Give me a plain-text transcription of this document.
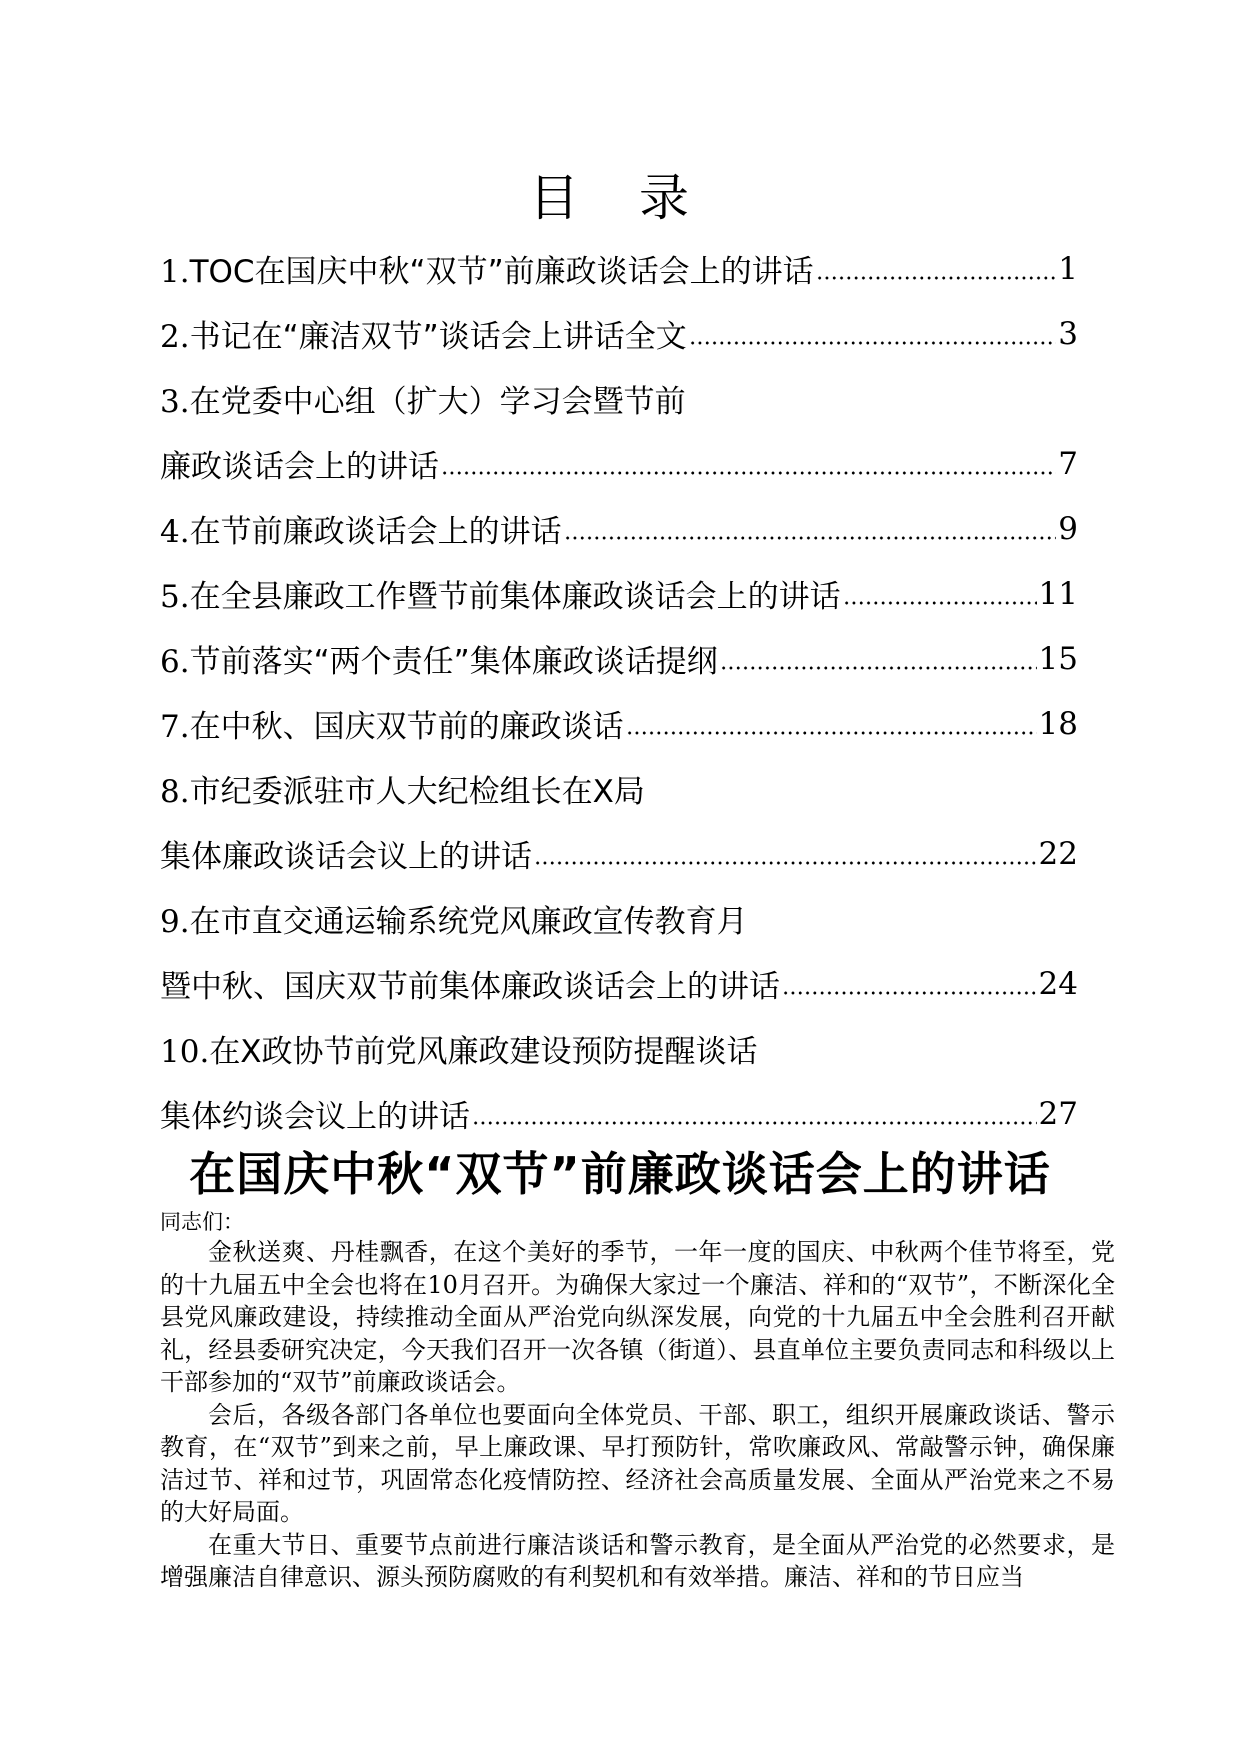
目 录
1.TOC在国庆中秋“双节”前廉政谈话会上的讲话	1
2.书记在“廉洁双节”谈话会上讲话全文	3
3.在党委中心组（扩大）学习会暨节前
廉政谈话会上的讲话	7
4.在节前廉政谈话会上的讲话	9
5.在全县廉政工作暨节前集体廉政谈话会上的讲话	11
6.节前落实“两个责任”集体廉政谈话提纲	15
7.在中秋、国庆双节前的廉政谈话	18
8.市纪委派驻市人大纪检组长在X局
集体廉政谈话会议上的讲话	22
9.在市直交通运输系统党风廉政宣传教育月
暨中秋、国庆双节前集体廉政谈话会上的讲话	24
10.在X政协节前党风廉政建设预防提醒谈话
集体约谈会议上的讲话	27
在国庆中秋“双节”前廉政谈话会上的讲话
同志们：

金秋送爽、丹桂飘香，在这个美好的季节，一年一度的国庆、中秋两个佳节将至，党的十九届五中全会也将在10月召开。为确保大家过一个廉洁、祥和的“双节”，不断深化全县党风廉政建设，持续推动全面从严治党向纵深发展，向党的十九届五中全会胜利召开献礼，经县委研究决定，今天我们召开一次各镇（街道）、县直单位主要负责同志和科级以上干部参加的“双节”前廉政谈话会。

会后，各级各部门各单位也要面向全体党员、干部、职工，组织开展廉政谈话、警示教育，在“双节”到来之前，早上廉政课、早打预防针，常吹廉政风、常敲警示钟，确保廉洁过节、祥和过节，巩固常态化疫情防控、经济社会高质量发展、全面从严治党来之不易的大好局面。

在重大节日、重要节点前进行廉洁谈话和警示教育，是全面从严治党的必然要求，是增强廉洁自律意识、源头预防腐败的有利契机和有效举措。廉洁、祥和的节日应当
